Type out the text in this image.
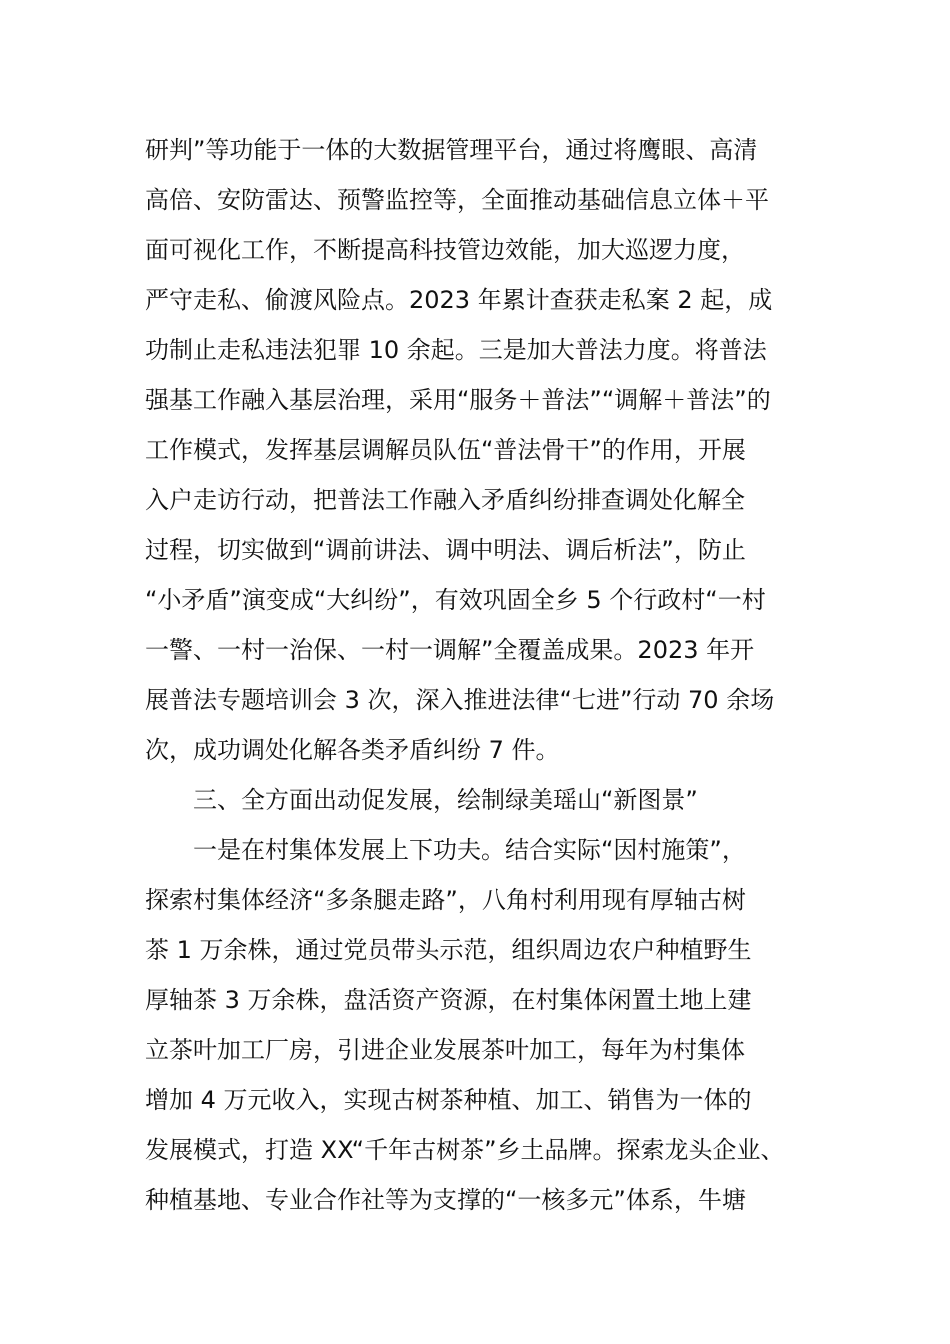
研判”等功能于一体的大数据管理平台，通过将鹰眼、高清

高倍、安防雷达、预警监控等，全面推动基础信息立体＋平

面可视化工作，不断提高科技管边效能，加大巡逻力度，

严守走私、偷渡风险点。2023 年累计查获走私案 2 起，成

功制止走私违法犯罪 10 余起。三是加大普法力度。将普法

强基工作融入基层治理，采用“服务＋普法”“调解＋普法”的

工作模式，发挥基层调解员队伍“普法骨干”的作用，开展

入户走访行动，把普法工作融入矛盾纠纷排查调处化解全

过程，切实做到“调前讲法、调中明法、调后析法”，防止

“小矛盾”演变成“大纠纷”，有效巩固全乡 5 个行政村“一村

一警、一村一治保、一村一调解”全覆盖成果。2023 年开

展普法专题培训会 3 次，深入推进法律“七进”行动 70 余场

次，成功调处化解各类矛盾纠纷 7 件。

三、全方面出动促发展，绘制绿美瑶山“新图景”

一是在村集体发展上下功夫。结合实际“因村施策”，

探索村集体经济“多条腿走路”，八角村利用现有厚轴古树

茶 1 万余株，通过党员带头示范，组织周边农户种植野生

厚轴茶 3 万余株，盘活资产资源，在村集体闲置土地上建

立茶叶加工厂房，引进企业发展茶叶加工，每年为村集体

增加 4 万元收入，实现古树茶种植、加工、销售为一体的

发展模式，打造 XX“千年古树茶”乡土品牌。探索龙头企业、

种植基地、专业合作社等为支撑的“一核多元”体系，牛塘
